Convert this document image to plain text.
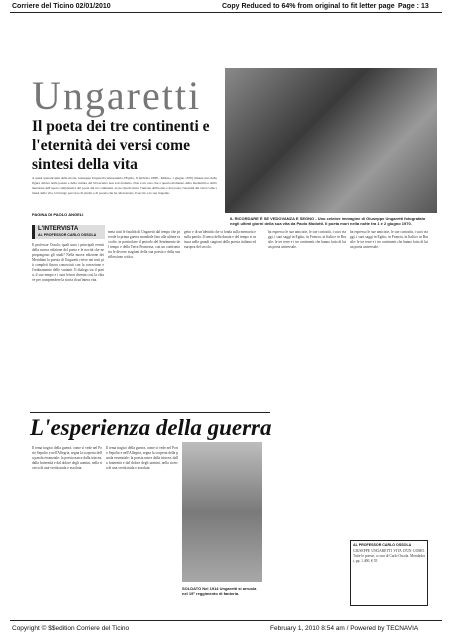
Corriere del Ticino 02/01/2010	Copy Reduced to 64% from original to fit letter page Page : 13
Ungaretti
Il poeta dei tre continenti e l'eternità dei versi come sintesi della vita
A quasi quarant'anni dalla morte, Giuseppe Ungaretti (Alessandria d'Egitto, 8 febbraio 1888 - Milano, 1 giugno 1970) rimane uno delle figure chiave della poesia e della cultura del Novecento non solo italiano. Non è un caso che a questo momento della modernità e dell'emersione dell'opera complessiva del poeta dei tre continenti, se ne riparli tanto: l'unione dell'uomo e del poeta, l'eternità dei versi come sintesi della vita. Un lungo percorso di studio e di poesia che ha attraversato il secolo e le sue tragedie.
PAGINA DI PAOLO ANGELI
IL RICORDARE È SE VEDOVANZA E SEGNO - Uno celebre immagine di Giuseppe Ungaretti fotografato negli ultimi giorni della sua vita da Paolo Modotti. Il poeta morì nella notte tra 1 e 2 giugno 1970.
L'INTERVISTA
AL PROFESSOR CARLO OSSOLA
Il professor Ossola, quali sono i principali eventi della nuova edizione del poeta e le novità che ne propongono gli studi? Nella nuova edizione dei Meridiani la poesia di Ungaretti rivive nei testi più completi finora conosciuti con la correzione e l'ordinamento delle varianti. Il dialogo tra il poeta, il suo tempo e i suoi lettori diventa così la chiave per comprendere la storia di un'intera vita.
meta tutti le finalità di Ungaretti dal tempo che precede la prima guerra mondiale fino alle ultime raccolte, in particolare il periodo del Sentimento del tempo e della Terra Promessa, con un confronto tra le diverse stagioni della sua poesia e della sua riflessione critica.
getto e di un'identità che si fonda sulla memoria e sulla parola. Il senso della durata e del tempo si misura nelle grandi stagioni della poesia italiana ed europea del secolo.
L'esperienza della guerra
Il tema tragico della guerra, come si vede nel Porto Sepolto e nell'Allegria, segna la scoperta della parola essenziale: la poesia nasce dalla trincea, dalla fraternità e dal dolore degli uomini, nella ricerca di una verità nuda e assoluta.
Il tema tragico della guerra, come si vede nel Porto Sepolto e nell'Allegria, segna la scoperta della parola essenziale: la poesia nasce dalla trincea, dalla fraternità e dal dolore degli uomini, nella ricerca di una verità nuda e assoluta.
SOLDATO Nel 1914 Ungaretti si arruola nel 19° reggimento di fanteria.
ha espresso le sue amicizie, le sue curiosità, i suoi viaggi, i suoi saggi in Egitto, in Francia, in Italia e in Brasile: le tre terre e i tre continenti che hanno fatto di lui un poeta universale.
ha espresso le sue amicizie, le sue curiosità, i suoi viaggi, i suoi saggi in Egitto, in Francia, in Italia e in Brasile: le tre terre e i tre continenti che hanno fatto di lui un poeta universale.
AL PROFESSOR CARLO OSSOLA
GIUSEPPE UNGARETTI VITA D'UN UOMO. Tutte le poesie, a cura di Carlo Ossola. Mondadori, pp. 1.400, € 55
Copyright © $$edition Corriere del Ticino	February 1, 2010 8:54 am / Powered by TECNAVIA
